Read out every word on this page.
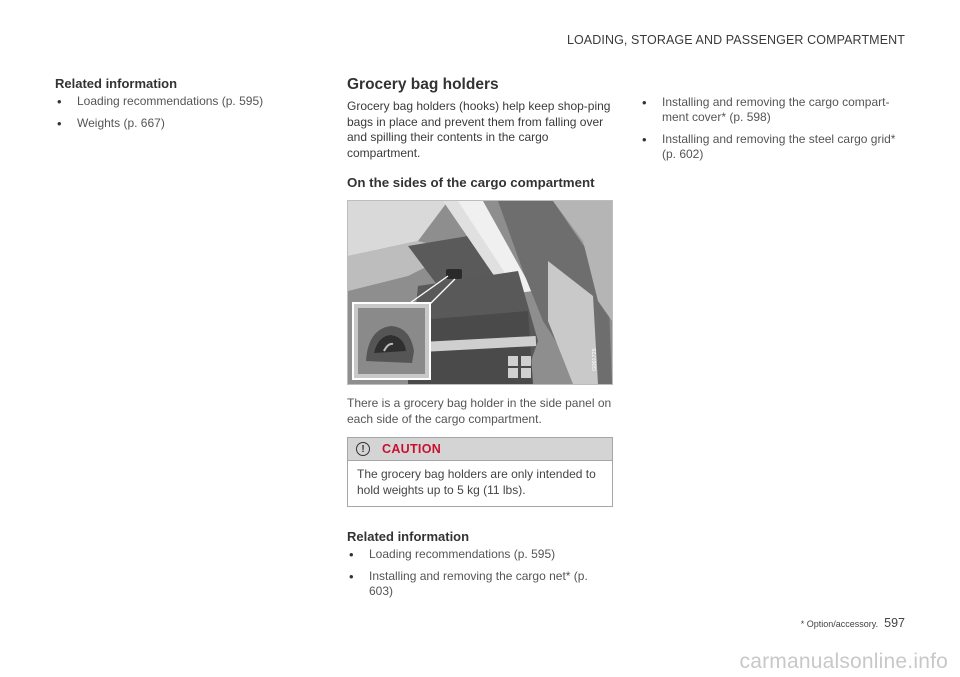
LOADING, STORAGE AND PASSENGER COMPARTMENT
Related information
• Loading recommendations (p. 595)
• Weights (p. 667)
Grocery bag holders

Grocery bag holders (hooks) help keep shop-ping bags in place and prevent them from falling over and spilling their contents in the cargo compartment.

On the sides of the cargo compartment
G061725
There is a grocery bag holder in the side panel on each side of the cargo compartment.
!	CAUTION
The grocery bag holders are only intended to hold weights up to 5 kg (11 lbs).
Related information
• Loading recommendations (p. 595)
• Installing and removing the cargo net* (p. 603)
• Installing and removing the cargo compart-ment cover* (p. 598)
• Installing and removing the steel cargo grid* (p. 602)
* Option/accessory. 597
carmanualsonline.info
